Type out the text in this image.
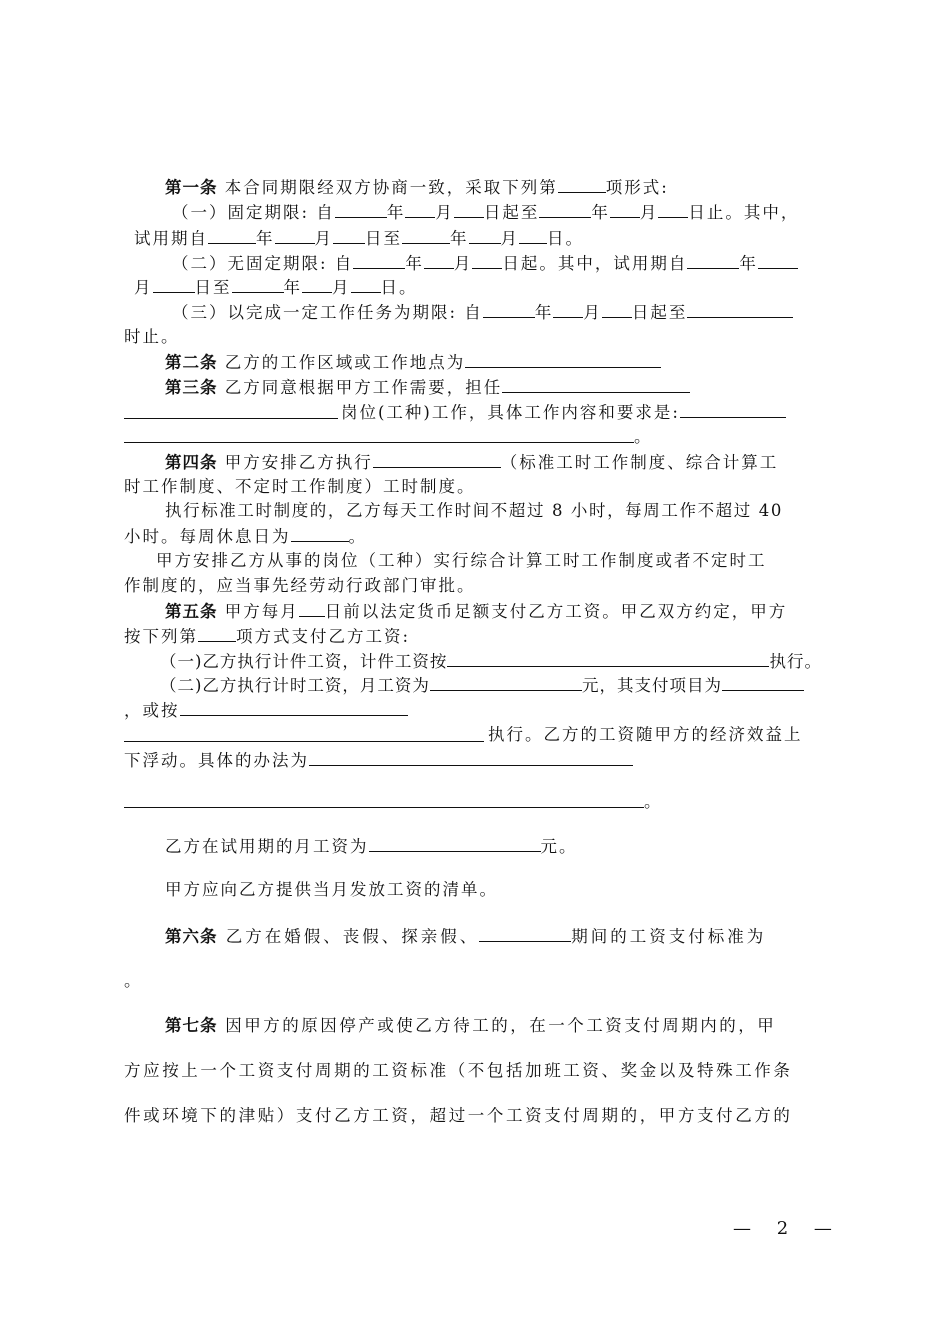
第一条 本合同期限经双方协商一致，采取下列第	项形式:
（一）固定期限: 自	年 月 日起至	年 月 日止。其中，
试用期自	年 月 日至	年 月 日。
（二）无固定期限: 自	年 月 日起。其中，试用期自	年
月	日至	年 月 日。
（三）以完成一定工作任务为期限: 自	年 月 日起至
时止。
第二条 乙方的工作区域或工作地点为
第三条 乙方同意根据甲方工作需要，担任
岗位(工种)工作，具体工作内容和要求是:
。
第四条 甲方安排乙方执行	（标准工时工作制度、综合计算工
时工作制度、不定时工作制度）工时制度。
执行标准工时制度的，乙方每天工作时间不超过 8 小时，每周工作不超过 40
小时。每周休息日为	。
甲方安排乙方从事的岗位（工种）实行综合计算工时工作制度或者不定时工
作制度的，应当事先经劳动行政部门审批。
第五条 甲方每月 日前以法定货币足额支付乙方工资。甲乙双方约定，甲方
按下列第 项方式支付乙方工资:
（一)乙方执行计件工资，计件工资按	执行。
（二)乙方执行计时工资，月工资为	元，其支付项目为
，或按
执行。乙方的工资随甲方的经济效益上
下浮动。具体的办法为
。
乙方在试用期的月工资为	元。
甲方应向乙方提供当月发放工资的清单。
第六条 乙方在婚假、丧假、探亲假、	期间的工资支付标准为
。
第七条 因甲方的原因停产或使乙方待工的，在一个工资支付周期内的，甲
方应按上一个工资支付周期的工资标准（不包括加班工资、奖金以及特殊工作条
件或环境下的津贴）支付乙方工资，超过一个工资支付周期的，甲方支付乙方的
— 2 —
